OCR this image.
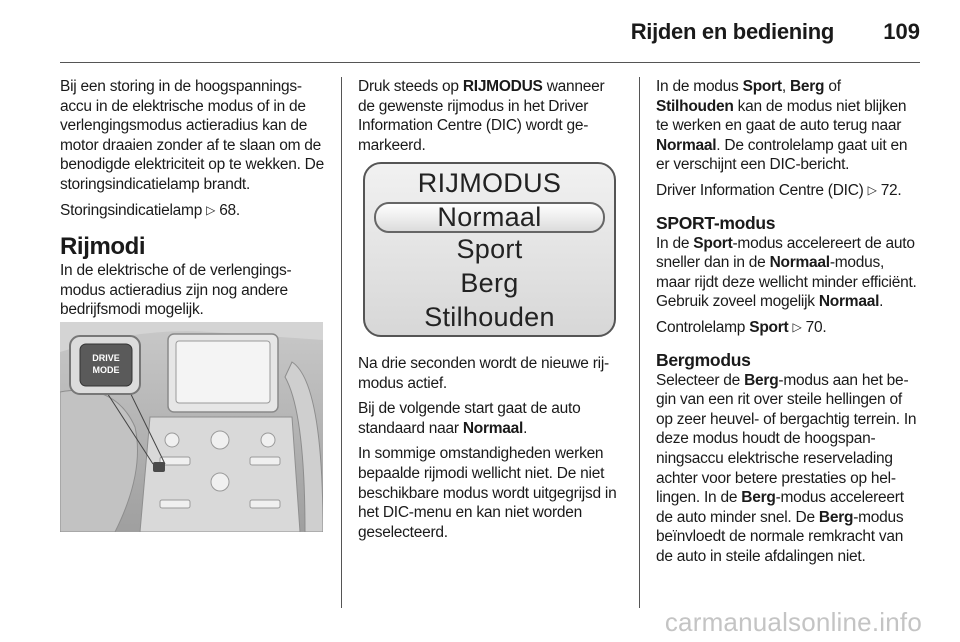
Rijden en bediening 109

Bij een storing in de hoogspanningsaccu in de elektrische modus of in de verlengingsmodus actieradius kan de motor draaien zonder af te slaan om de benodigde elektriciteit op te wekken. De storingsindicatielamp brandt.

Storingsindicatielamp ▷ 68.

Rijmodi

In de elektrische of de verlengingsmodus actieradius zijn nog andere bedrijfsmodi mogelijk.

DRIVE
MODE

Druk steeds op RIJMODUS wanneer de gewenste rijmodus in het Driver Information Centre (DIC) wordt gemarkeerd.

RIJMODUS
Normaal
Sport
Berg
Stilhouden

Na drie seconden wordt de nieuwe rijmodus actief.

Bij de volgende start gaat de auto standaard naar Normaal.

In sommige omstandigheden werken bepaalde rijmodi wellicht niet. De niet beschikbare modus wordt uitgegrijsd in het DIC-menu en kan niet worden geselecteerd.

In de modus Sport, Berg of Stilhouden kan de modus niet blijken te werken en gaat de auto terug naar Normaal. De controlelamp gaat uit en er verschijnt een DIC-bericht.

Driver Information Centre (DIC) ▷ 72.

SPORT-modus

In de Sport-modus accelereert de auto sneller dan in de Normaal-modus, maar rijdt deze wellicht minder efficiënt. Gebruik zoveel mogelijk Normaal.

Controlelamp Sport ▷ 70.

Bergmodus

Selecteer de Berg-modus aan het begin van een rit over steile hellingen of op zeer heuvel- of bergachtig terrein. In deze modus houdt de hoogspanningsaccu elektrische reservelading achter voor betere prestaties op hellingen. In de Berg-modus accelereert de auto minder snel. De Berg-modus beïnvloedt de normale remkracht van de auto in steile afdalingen niet.

carmanualsonline.info
